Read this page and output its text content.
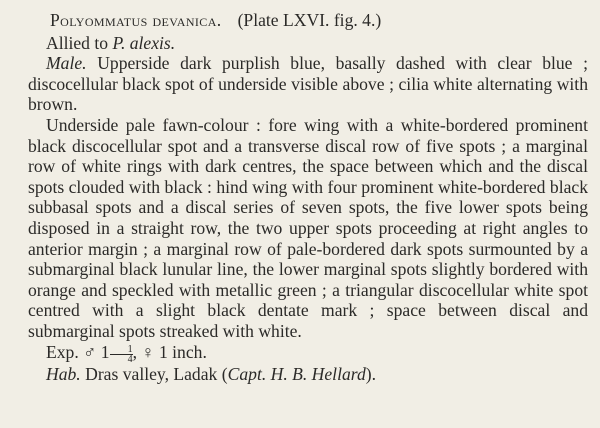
Polyommatus devanica. (Plate LXVI. fig. 4.)

Allied to P. alexis.

Male. Upperside dark purplish blue, basally dashed with clear blue ; discocellular black spot of underside visible above ; cilia white alternating with brown.

Underside pale fawn-colour : fore wing with a white-bordered prominent black discocellular spot and a transverse discal row of five spots ; a marginal row of white rings with dark centres, the space between which and the discal spots clouded with black : hind wing with four prominent white-bordered black subbasal spots and a discal series of seven spots, the five lower spots being disposed in a straight row, the two upper spots proceeding at right angles to anterior margin ; a marginal row of pale-bordered dark spots surmounted by a submarginal black lunular line, the lower marginal spots slightly bordered with orange and speckled with metallic green ; a triangular discocellular white spot centred with a slight black dentate mark ; space between discal and submarginal spots streaked with white.

Exp. ♂ $1 \frac{1}{4}$ , ♀ 1 inch.

Hab. Dras valley, Ladak (Capt. H. B. Hellard).
